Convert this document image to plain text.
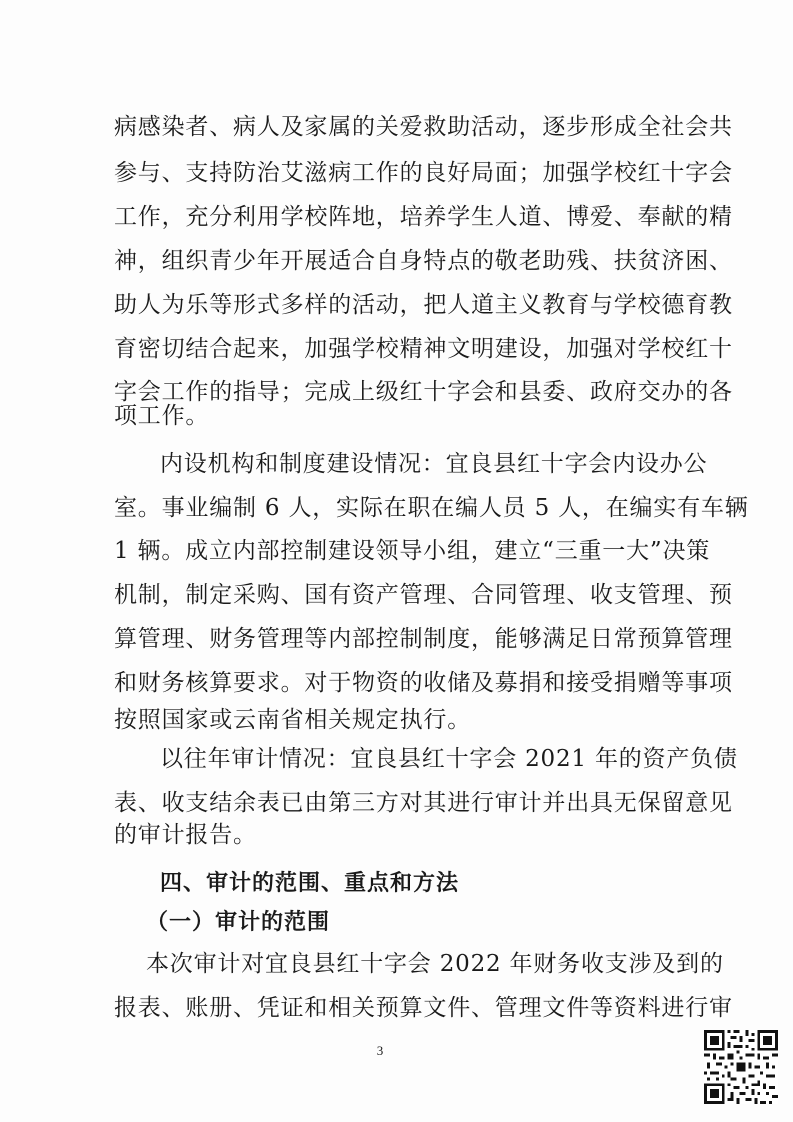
病感染者、病人及家属的关爱救助活动，逐步形成全社会共
参与、支持防治艾滋病工作的良好局面；加强学校红十字会
工作，充分利用学校阵地，培养学生人道、博爱、奉献的精
神，组织青少年开展适合自身特点的敬老助残、扶贫济困、
助人为乐等形式多样的活动，把人道主义教育与学校德育教
育密切结合起来，加强学校精神文明建设，加强对学校红十
字会工作的指导；完成上级红十字会和县委、政府交办的各
项工作。
内设机构和制度建设情况：宜良县红十字会内设办公
室。事业编制 6 人，实际在职在编人员 5 人，在编实有车辆
1 辆。成立内部控制建设领导小组，建立“三重一大”决策
机制，制定采购、国有资产管理、合同管理、收支管理、预
算管理、财务管理等内部控制制度，能够满足日常预算管理
和财务核算要求。对于物资的收储及募捐和接受捐赠等事项
按照国家或云南省相关规定执行。
以往年审计情况：宜良县红十字会 2021 年的资产负债
表、收支结余表已由第三方对其进行审计并出具无保留意见
的审计报告。
四、审计的范围、重点和方法
（一）审计的范围
本次审计对宜良县红十字会 2022 年财务收支涉及到的
报表、账册、凭证和相关预算文件、管理文件等资料进行审
3
